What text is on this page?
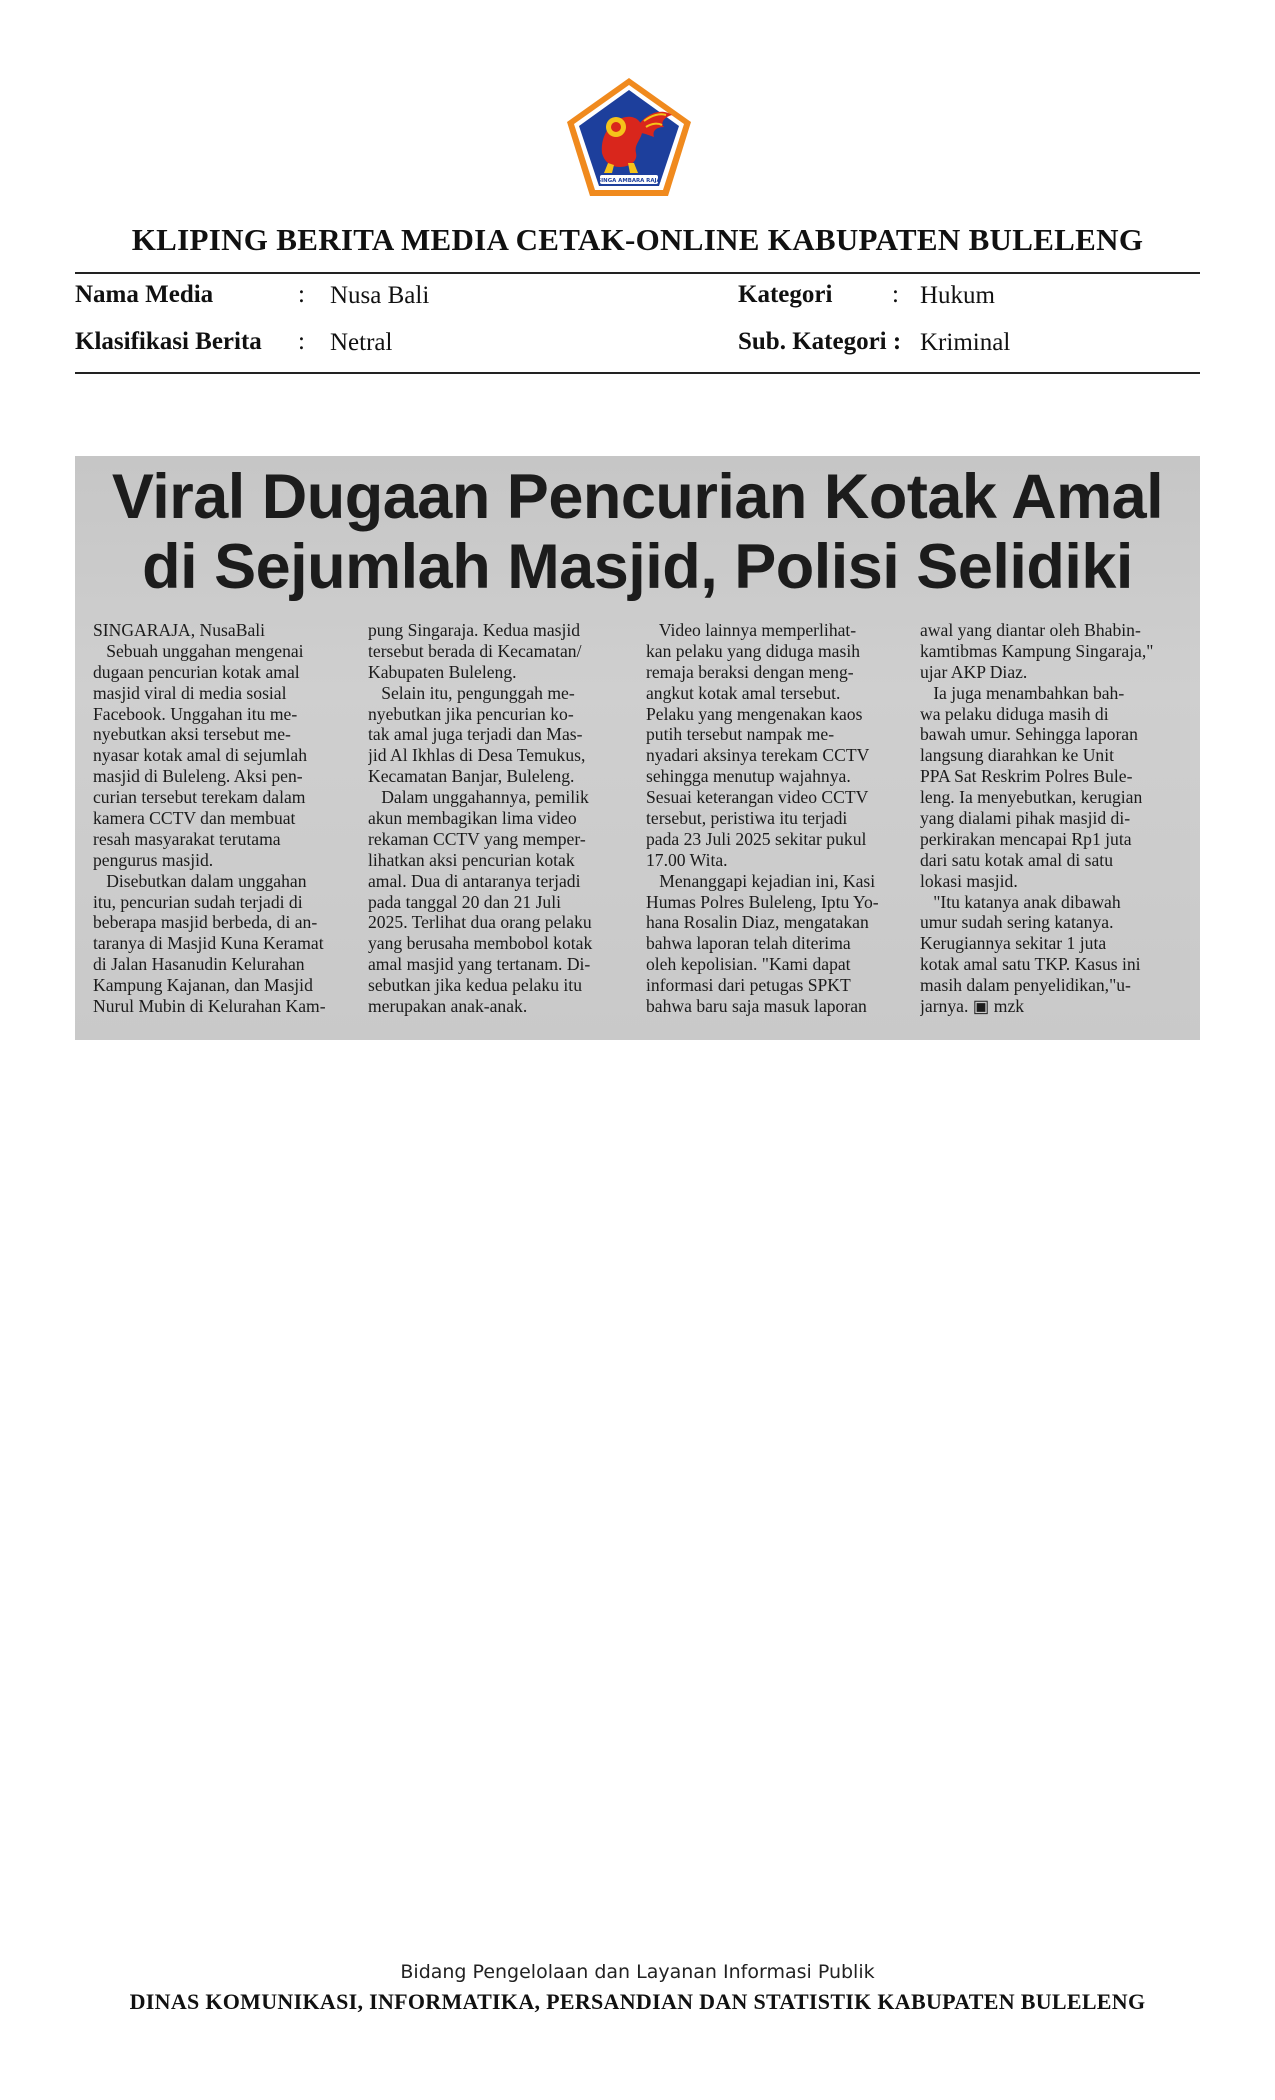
SINGA AMBARA RAJA
KLIPING BERITA MEDIA CETAK-ONLINE KABUPATEN BULELENG
Nama Media	: Nusa Bali	Kategori : Hukum
Klasifikasi Berita : Netral	Sub. Kategori : Kriminal
Viral Dugaan Pencurian Kotak Amal
di Sejumlah Masjid, Polisi Selidiki
SINGARAJA, NusaBali
Sebuah unggahan mengenai
dugaan pencurian kotak amal
masjid viral di media sosial
Facebook. Unggahan itu me-
nyebutkan aksi tersebut me-
nyasar kotak amal di sejumlah
masjid di Buleleng. Aksi pen-
curian tersebut terekam dalam
kamera CCTV dan membuat
resah masyarakat terutama
pengurus masjid.
Disebutkan dalam unggahan
itu, pencurian sudah terjadi di
beberapa masjid berbeda, di an-
taranya di Masjid Kuna Keramat
di Jalan Hasanudin Kelurahan
Kampung Kajanan, dan Masjid
Nurul Mubin di Kelurahan Kam-
pung Singaraja. Kedua masjid
tersebut berada di Kecamatan/
Kabupaten Buleleng.
Selain itu, pengunggah me-
nyebutkan jika pencurian ko-
tak amal juga terjadi dan Mas-
jid Al Ikhlas di Desa Temukus,
Kecamatan Banjar, Buleleng.
Dalam unggahannya, pemilik
akun membagikan lima video
rekaman CCTV yang memper-
lihatkan aksi pencurian kotak
amal. Dua di antaranya terjadi
pada tanggal 20 dan 21 Juli
2025. Terlihat dua orang pelaku
yang berusaha membobol kotak
amal masjid yang tertanam. Di-
sebutkan jika kedua pelaku itu
merupakan anak-anak.
Video lainnya memperlihat-
kan pelaku yang diduga masih
remaja beraksi dengan meng-
angkut kotak amal tersebut.
Pelaku yang mengenakan kaos
putih tersebut nampak me-
nyadari aksinya terekam CCTV
sehingga menutup wajahnya.
Sesuai keterangan video CCTV
tersebut, peristiwa itu terjadi
pada 23 Juli 2025 sekitar pukul
17.00 Wita.
Menanggapi kejadian ini, Kasi
Humas Polres Buleleng, Iptu Yo-
hana Rosalin Diaz, mengatakan
bahwa laporan telah diterima
oleh kepolisian. "Kami dapat
informasi dari petugas SPKT
bahwa baru saja masuk laporan
awal yang diantar oleh Bhabin-
kamtibmas Kampung Singaraja,"
ujar AKP Diaz.
Ia juga menambahkan bah-
wa pelaku diduga masih di
bawah umur. Sehingga laporan
langsung diarahkan ke Unit
PPA Sat Reskrim Polres Bule-
leng. Ia menyebutkan, kerugian
yang dialami pihak masjid di-
perkirakan mencapai Rp1 juta
dari satu kotak amal di satu
lokasi masjid.
"Itu katanya anak dibawah
umur sudah sering katanya.
Kerugiannya sekitar 1 juta
kotak amal satu TKP. Kasus ini
masih dalam penyelidikan,"u-
jarnya. ▣ mzk
Bidang Pengelolaan dan Layanan Informasi Publik
DINAS KOMUNIKASI, INFORMATIKA, PERSANDIAN DAN STATISTIK KABUPATEN BULELENG
